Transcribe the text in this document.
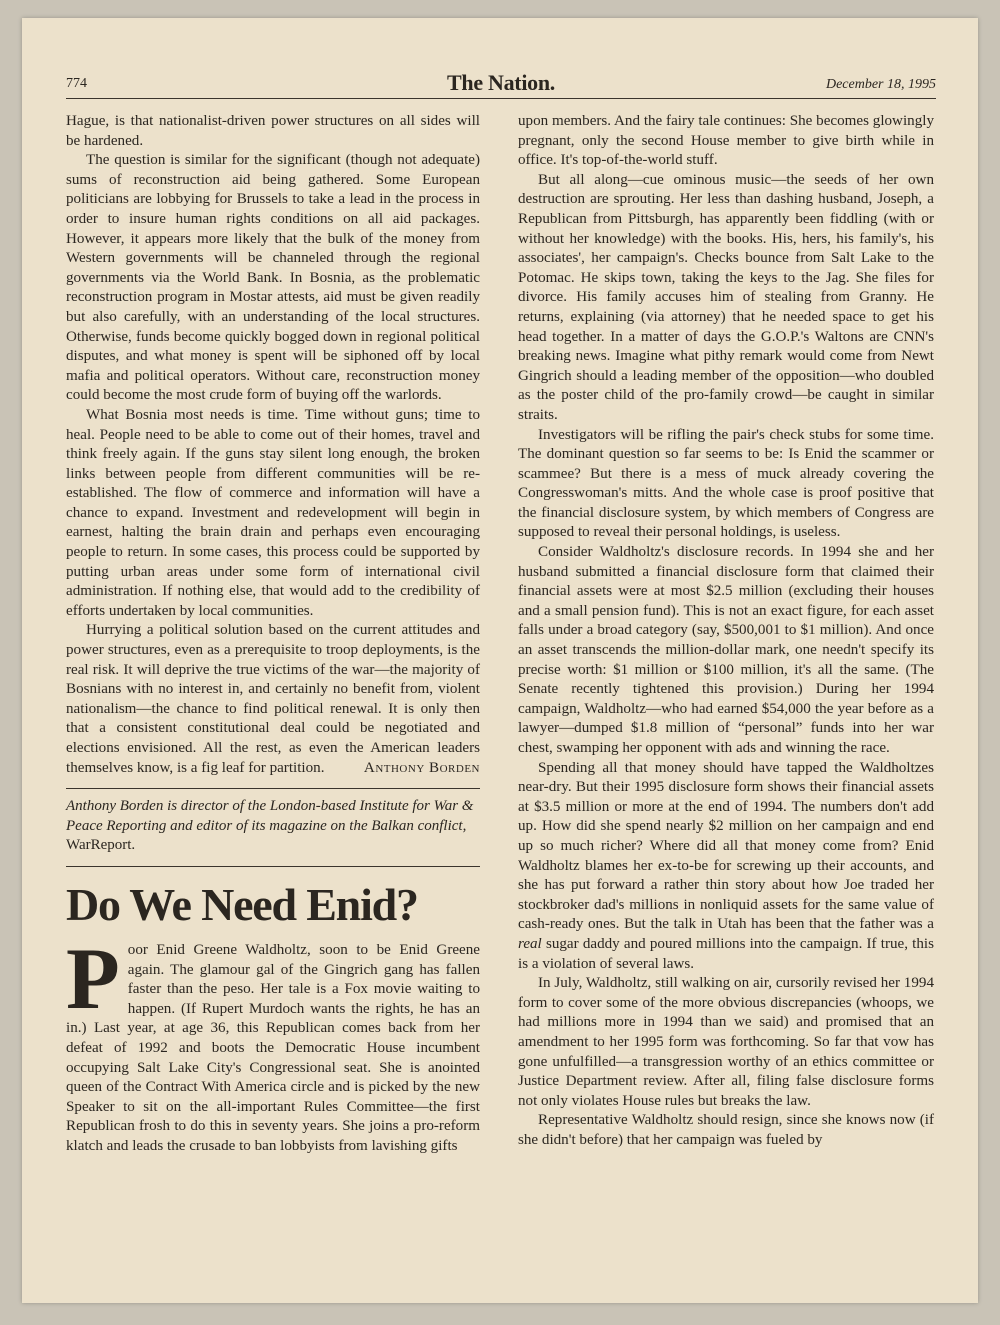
774	The Nation.	December 18, 1995

Hague, is that nationalist-driven power structures on all sides will be hardened.

The question is similar for the significant (though not adequate) sums of reconstruction aid being gathered. Some European politicians are lobbying for Brussels to take a lead in the process in order to insure human rights conditions on all aid packages. However, it appears more likely that the bulk of the money from Western governments will be channeled through the regional governments via the World Bank. In Bosnia, as the problematic reconstruction program in Mostar attests, aid must be given readily but also carefully, with an understanding of the local structures. Otherwise, funds become quickly bogged down in regional political disputes, and what money is spent will be siphoned off by local mafia and political operators. Without care, reconstruction money could become the most crude form of buying off the warlords.

What Bosnia most needs is time. Time without guns; time to heal. People need to be able to come out of their homes, travel and think freely again. If the guns stay silent long enough, the broken links between people from different communities will be re-established. The flow of commerce and information will have a chance to expand. Investment and redevelopment will begin in earnest, halting the brain drain and perhaps even encouraging people to return. In some cases, this process could be supported by putting urban areas under some form of international civil administration. If nothing else, that would add to the credibility of efforts undertaken by local communities.

Hurrying a political solution based on the current attitudes and power structures, even as a prerequisite to troop deployments, is the real risk. It will deprive the true victims of the war—the majority of Bosnians with no interest in, and certainly no benefit from, violent nationalism—the chance to find political renewal. It is only then that a consistent constitutional deal could be negotiated and elections envisioned. All the rest, as even the American leaders themselves know, is a fig leaf for partition.	Anthony Borden

Anthony Borden is director of the London-based Institute for War & Peace Reporting and editor of its magazine on the Balkan conflict, WarReport.
Do We Need Enid?

Poor Enid Greene Waldholtz, soon to be Enid Greene again. The glamour gal of the Gingrich gang has fallen faster than the peso. Her tale is a Fox movie waiting to happen. (If Rupert Murdoch wants the rights, he has an in.) Last year, at age 36, this Republican comes back from her defeat of 1992 and boots the Democratic House incumbent occupying Salt Lake City's Congressional seat. She is anointed queen of the Contract With America circle and is picked by the new Speaker to sit on the all-important Rules Committee—the first Republican frosh to do this in seventy years. She joins a pro-reform klatch and leads the crusade to ban lobbyists from lavishing gifts

upon members. And the fairy tale continues: She becomes glowingly pregnant, only the second House member to give birth while in office. It's top-of-the-world stuff.

But all along—cue ominous music—the seeds of her own destruction are sprouting. Her less than dashing husband, Joseph, a Republican from Pittsburgh, has apparently been fiddling (with or without her knowledge) with the books. His, hers, his family's, his associates', her campaign's. Checks bounce from Salt Lake to the Potomac. He skips town, taking the keys to the Jag. She files for divorce. His family accuses him of stealing from Granny. He returns, explaining (via attorney) that he needed space to get his head together. In a matter of days the G.O.P.'s Waltons are CNN's breaking news. Imagine what pithy remark would come from Newt Gingrich should a leading member of the opposition—who doubled as the poster child of the pro-family crowd—be caught in similar straits.

Investigators will be rifling the pair's check stubs for some time. The dominant question so far seems to be: Is Enid the scammer or scammee? But there is a mess of muck already covering the Congresswoman's mitts. And the whole case is proof positive that the financial disclosure system, by which members of Congress are supposed to reveal their personal holdings, is useless.

Consider Waldholtz's disclosure records. In 1994 she and her husband submitted a financial disclosure form that claimed their financial assets were at most $2.5 million (excluding their houses and a small pension fund). This is not an exact figure, for each asset falls under a broad category (say, $500,001 to $1 million). And once an asset transcends the million-dollar mark, one needn't specify its precise worth: $1 million or $100 million, it's all the same. (The Senate recently tightened this provision.) During her 1994 campaign, Waldholtz—who had earned $54,000 the year before as a lawyer—dumped $1.8 million of “personal” funds into her war chest, swamping her opponent with ads and winning the race.

Spending all that money should have tapped the Waldholtzes near-dry. But their 1995 disclosure form shows their financial assets at $3.5 million or more at the end of 1994. The numbers don't add up. How did she spend nearly $2 million on her campaign and end up so much richer? Where did all that money come from? Enid Waldholtz blames her ex-to-be for screwing up their accounts, and she has put forward a rather thin story about how Joe traded her stockbroker dad's millions in nonliquid assets for the same value of cash-ready ones. But the talk in Utah has been that the father was a real sugar daddy and poured millions into the campaign. If true, this is a violation of several laws.

In July, Waldholtz, still walking on air, cursorily revised her 1994 form to cover some of the more obvious discrepancies (whoops, we had millions more in 1994 than we said) and promised that an amendment to her 1995 form was forthcoming. So far that vow has gone unfulfilled—a transgression worthy of an ethics committee or Justice Department review. After all, filing false disclosure forms not only violates House rules but breaks the law.

Representative Waldholtz should resign, since she knows now (if she didn't before) that her campaign was fueled by
